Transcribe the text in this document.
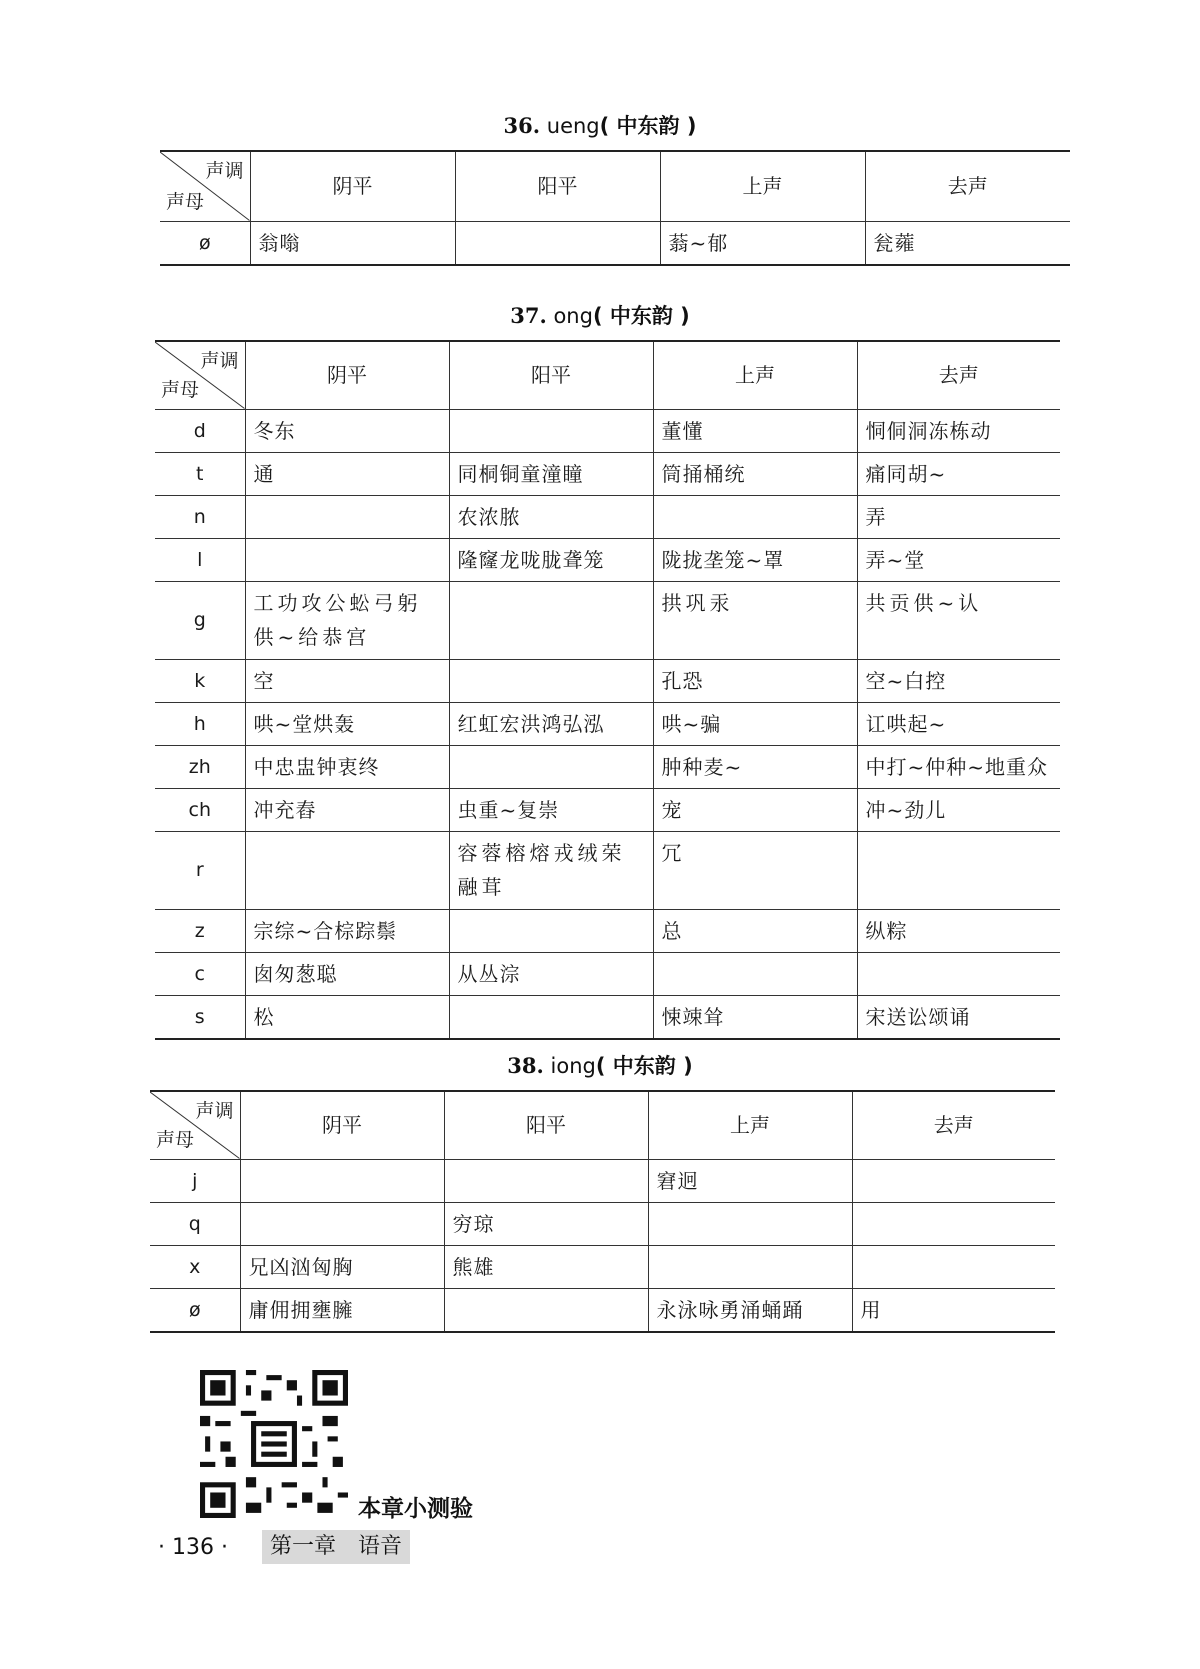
36. ueng( 中东韵 )
声调
声母	阴平	阳平	上声	去声
ø	翁嗡		蓊~郁	瓮蕹
37. ong( 中东韵 )
声调
声母	阴平	阳平	上声	去声
d	冬东		董懂	恫侗洞冻栋动
t	通	同桐铜童潼瞳	筒捅桶统	痛同胡~
n		农浓脓		弄
l		隆窿龙咙胧聋笼	陇拢垄笼~罩	弄~堂
g	工功攻公蚣弓躬供~给恭宫		拱巩汞	共贡供~认
k	空		孔恐	空~白控
h	哄~堂烘轰	红虹宏洪鸿弘泓	哄~骗	讧哄起~
zh	中忠盅钟衷终		肿种麦~	中打~仲种~地重众
ch	冲充舂	虫重~复崇	宠	冲~劲儿
r		容蓉榕熔戎绒荣融茸	冗	
z	宗综~合棕踪鬃		总	纵粽
c	囱匆葱聪	从丛淙		
s	松		悚竦耸	宋送讼颂诵
38. iong( 中东韵 )
声调
声母	阴平	阳平	上声	去声
j			窘迥	
q		穷琼		
x	兄凶汹匈胸	熊雄		
ø	庸佣拥壅臃		永泳咏勇涌蛹踊	用
本章小测验
· 136 ·	第一章　语音
